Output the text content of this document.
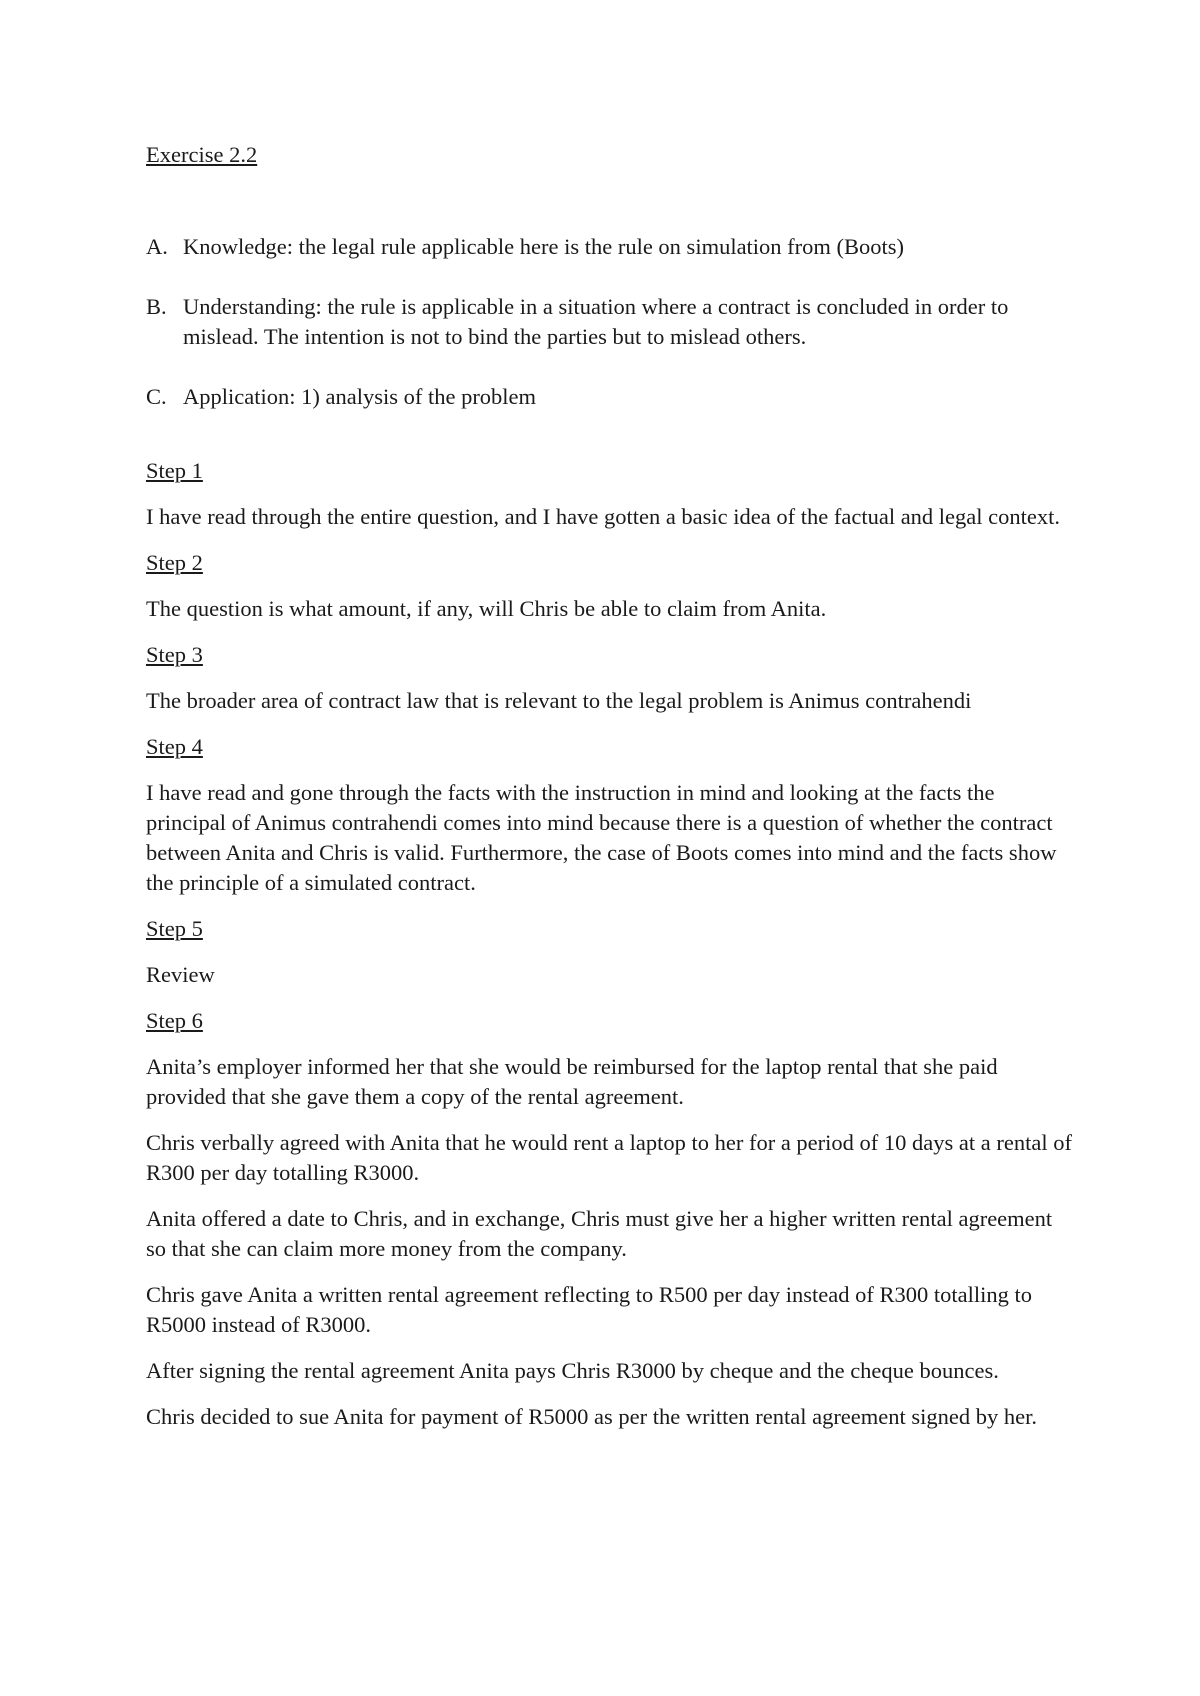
Exercise 2.2

A. Knowledge: the legal rule applicable here is the rule on simulation from (Boots)
B. Understanding: the rule is applicable in a situation where a contract is concluded in order to mislead. The intention is not to bind the parties but to mislead others.
C. Application: 1) analysis of the problem

Step 1

I have read through the entire question, and I have gotten a basic idea of the factual and legal context.

Step 2

The question is what amount, if any, will Chris be able to claim from Anita.

Step 3

The broader area of contract law that is relevant to the legal problem is Animus contrahendi

Step 4

I have read and gone through the facts with the instruction in mind and looking at the facts the principal of Animus contrahendi comes into mind because there is a question of whether the contract between Anita and Chris is valid. Furthermore, the case of Boots comes into mind and the facts show the principle of a simulated contract.

Step 5

Review

Step 6

Anita’s employer informed her that she would be reimbursed for the laptop rental that she paid provided that she gave them a copy of the rental agreement.

Chris verbally agreed with Anita that he would rent a laptop to her for a period of 10 days at a rental of R300 per day totalling R3000.

Anita offered a date to Chris, and in exchange, Chris must give her a higher written rental agreement so that she can claim more money from the company.

Chris gave Anita a written rental agreement reflecting to R500 per day instead of R300 totalling to R5000 instead of R3000.

After signing the rental agreement Anita pays Chris R3000 by cheque and the cheque bounces.

Chris decided to sue Anita for payment of R5000 as per the written rental agreement signed by her.
